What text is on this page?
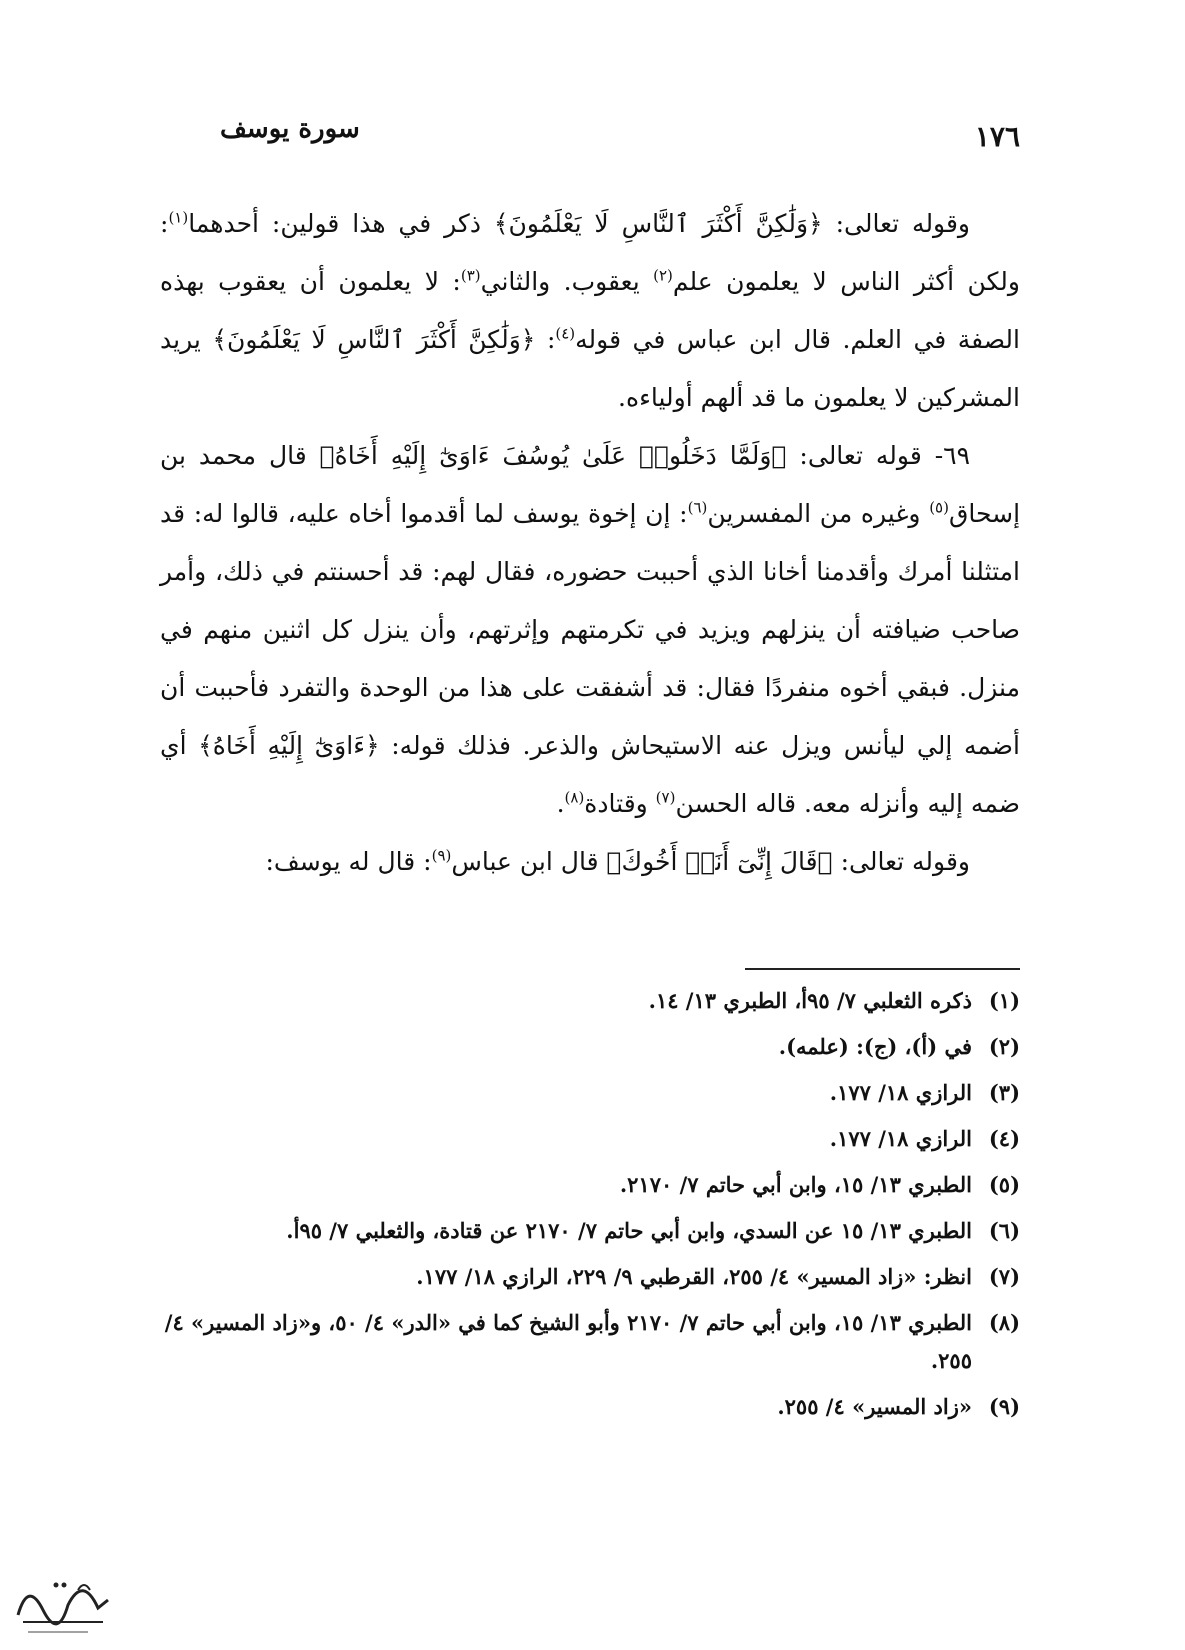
١٧٦
سورة يوسف

وقوله تعالى: ﴿وَلَٰكِنَّ أَكْثَرَ ٱلنَّاسِ لَا يَعْلَمُونَ﴾ ذكر في هذا قولين: أحدهما$^{(١)}$: ولكن أكثر الناس لا يعلمون علم$^{(٢)}$ يعقوب. والثاني$^{(٣)}$: لا يعلمون أن يعقوب بهذه الصفة في العلم. قال ابن عباس في قوله$^{(٤)}$: ﴿وَلَٰكِنَّ أَكْثَرَ ٱلنَّاسِ لَا يَعْلَمُونَ﴾ يريد المشركين لا يعلمون ما قد ألهم أولياءه.

٦٩- قوله تعالى: ﴿وَلَمَّا دَخَلُوا۟ عَلَىٰ يُوسُفَ ءَاوَىٰٓ إِلَيْهِ أَخَاهُ﴾ قال محمد بن إسحاق$^{(٥)}$ وغيره من المفسرين$^{(٦)}$: إن إخوة يوسف لما أقدموا أخاه عليه، قالوا له: قد امتثلنا أمرك وأقدمنا أخانا الذي أحببت حضوره، فقال لهم: قد أحسنتم في ذلك، وأمر صاحب ضيافته أن ينزلهم ويزيد في تكرمتهم وإثرتهم، وأن ينزل كل اثنين منهم في منزل. فبقي أخوه منفردًا فقال: قد أشفقت على هذا من الوحدة والتفرد فأحببت أن أضمه إلي ليأنس ويزل عنه الاستيحاش والذعر. فذلك قوله: ﴿ءَاوَىٰٓ إِلَيْهِ أَخَاهُ﴾ أي ضمه إليه وأنزله معه. قاله الحسن$^{(٧)}$ وقتادة$^{(٨)}$.

وقوله تعالى: ﴿قَالَ إِنِّىٓ أَنَا۠ أَخُوكَ﴾ قال ابن عباس$^{(٩)}$: قال له يوسف:

(١)
ذكره الثعلبي ٧/ ٩٥أ، الطبري ١٣/ ١٤.
(٢)
في (أ)، (ج): (علمه).
(٣)
الرازي ١٨/ ١٧٧.
(٤)
الرازي ١٨/ ١٧٧.
(٥)
الطبري ١٣/ ١٥، وابن أبي حاتم ٧/ ٢١٧٠.
(٦)
الطبري ١٣/ ١٥ عن السدي، وابن أبي حاتم ٧/ ٢١٧٠ عن قتادة، والثعلبي ٧/ ٩٥أ.
(٧)
انظر: «زاد المسير» ٤/ ٢٥٥، القرطبي ٩/ ٢٢٩، الرازي ١٨/ ١٧٧.
(٨)
الطبري ١٣/ ١٥، وابن أبي حاتم ٧/ ٢١٧٠ وأبو الشيخ كما في «الدر» ٤/ ٥٠، و«زاد المسير» ٤/ ٢٥٥.
(٩)
«زاد المسير» ٤/ ٢٥٥.
